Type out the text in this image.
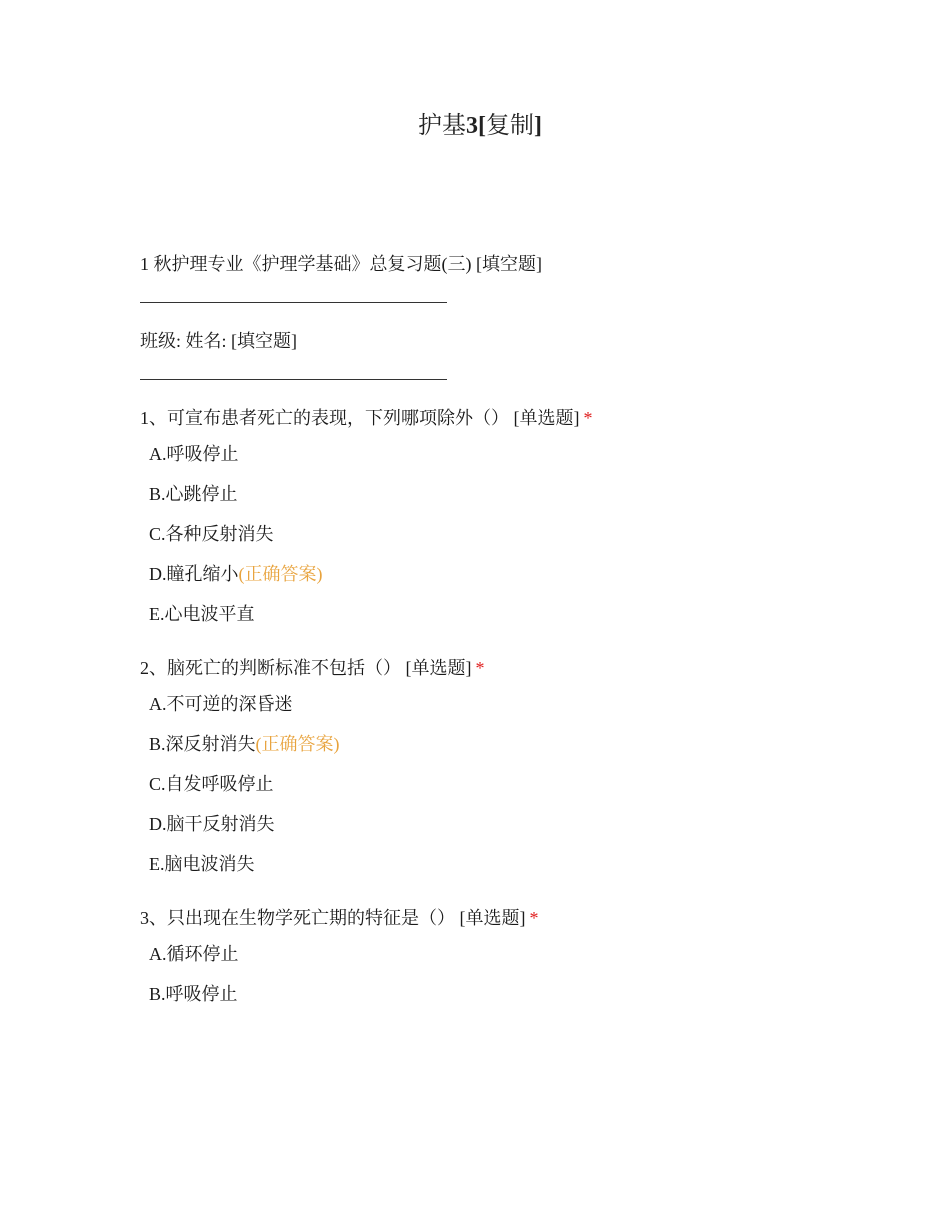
护基3[复制]
1 秋护理专业《护理学基础》总复习题(三) [填空题]
班级: 姓名: [填空题]
1、可宣布患者死亡的表现，下列哪项除外（） [单选题] *
A.呼吸停止
B.心跳停止
C.各种反射消失
D.瞳孔缩小(正确答案)
E.心电波平直
2、脑死亡的判断标准不包括（） [单选题] *
A.不可逆的深昏迷
B.深反射消失(正确答案)
C.自发呼吸停止
D.脑干反射消失
E.脑电波消失
3、只出现在生物学死亡期的特征是（） [单选题] *
A.循环停止
B.呼吸停止
